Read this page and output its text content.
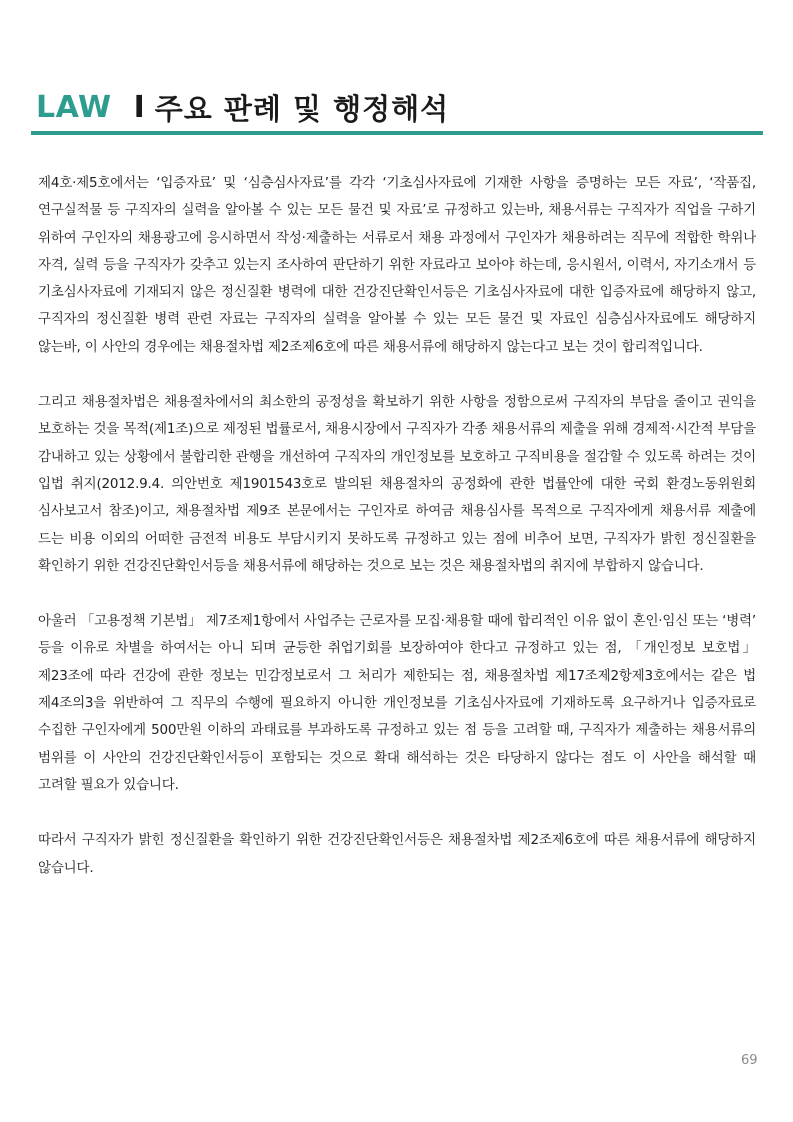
LAW I 주요 판례 및 행정해석

제4호·제5호에서는 ‘입증자료’ 및 ‘심층심사자료’를 각각 ‘기초심사자료에 기재한 사항을 증명하는 모든 자료’, ‘작품집, 연구실적물 등 구직자의 실력을 알아볼 수 있는 모든 물건 및 자료’로 규정하고 있는바, 채용서류는 구직자가 직업을 구하기 위하여 구인자의 채용광고에 응시하면서 작성·제출하는 서류로서 채용 과정에서 구인자가 채용하려는 직무에 적합한 학위나 자격, 실력 등을 구직자가 갖추고 있는지 조사하여 판단하기 위한 자료라고 보아야 하는데, 응시원서, 이력서, 자기소개서 등 기초심사자료에 기재되지 않은 정신질환 병력에 대한 건강진단확인서등은 기초심사자료에 대한 입증자료에 해당하지 않고, 구직자의 정신질환 병력 관련 자료는 구직자의 실력을 알아볼 수 있는 모든 물건 및 자료인 심층심사자료에도 해당하지 않는바, 이 사안의 경우에는 채용절차법 제2조제6호에 따른 채용서류에 해당하지 않는다고 보는 것이 합리적입니다.

그리고 채용절차법은 채용절차에서의 최소한의 공정성을 확보하기 위한 사항을 정함으로써 구직자의 부담을 줄이고 권익을 보호하는 것을 목적(제1조)으로 제정된 법률로서, 채용시장에서 구직자가 각종 채용서류의 제출을 위해 경제적·시간적 부담을 감내하고 있는 상황에서 불합리한 관행을 개선하여 구직자의 개인정보를 보호하고 구직비용을 절감할 수 있도록 하려는 것이 입법 취지(2012.9.4. 의안번호 제1901543호로 발의된 채용절차의 공정화에 관한 법률안에 대한 국회 환경노동위원회 심사보고서 참조)이고, 채용절차법 제9조 본문에서는 구인자로 하여금 채용심사를 목적으로 구직자에게 채용서류 제출에 드는 비용 이외의 어떠한 금전적 비용도 부담시키지 못하도록 규정하고 있는 점에 비추어 보면, 구직자가 밝힌 정신질환을 확인하기 위한 건강진단확인서등을 채용서류에 해당하는 것으로 보는 것은 채용절차법의 취지에 부합하지 않습니다.

아울러 「고용정책 기본법」 제7조제1항에서 사업주는 근로자를 모집·채용할 때에 합리적인 이유 없이 혼인·임신 또는 ‘병력’ 등을 이유로 차별을 하여서는 아니 되며 균등한 취업기회를 보장하여야 한다고 규정하고 있는 점, 「개인정보 보호법」 제23조에 따라 건강에 관한 정보는 민감정보로서 그 처리가 제한되는 점, 채용절차법 제17조제2항제3호에서는 같은 법 제4조의3을 위반하여 그 직무의 수행에 필요하지 아니한 개인정보를 기초심사자료에 기재하도록 요구하거나 입증자료로 수집한 구인자에게 500만원 이하의 과태료를 부과하도록 규정하고 있는 점 등을 고려할 때, 구직자가 제출하는 채용서류의 범위를 이 사안의 건강진단확인서등이 포함되는 것으로 확대 해석하는 것은 타당하지 않다는 점도 이 사안을 해석할 때 고려할 필요가 있습니다.

따라서 구직자가 밝힌 정신질환을 확인하기 위한 건강진단확인서등은 채용절차법 제2조제6호에 따른 채용서류에 해당하지 않습니다.

69
